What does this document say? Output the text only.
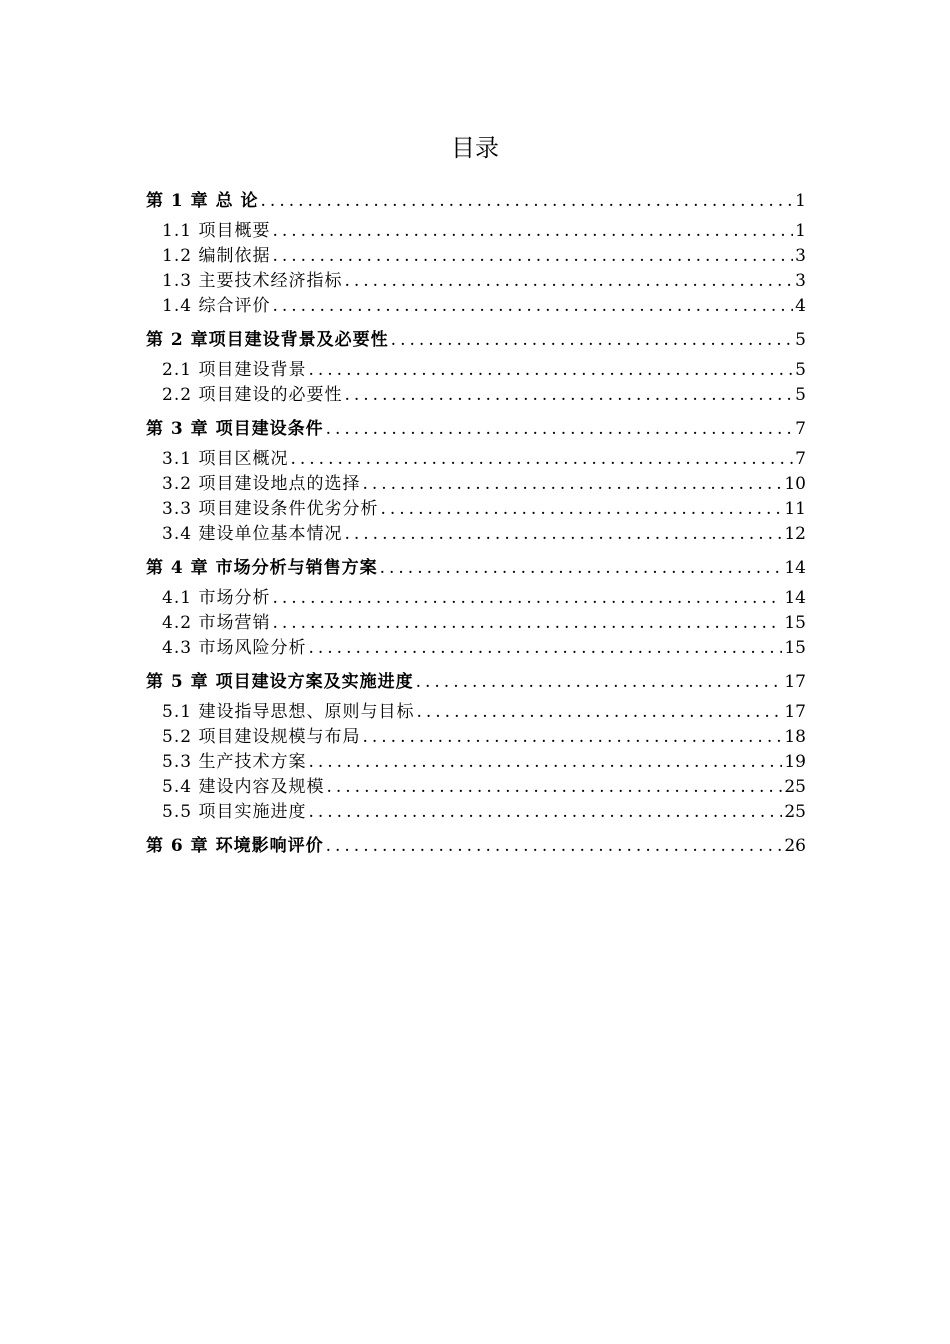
目录
第 1 章 总 论 .....	1
1.1 项目概要 .....	1
1.2 编制依据 .....	3
1.3 主要技术经济指标 .....	3
1.4 综合评价 .....	4
第 2 章项目建设背景及必要性 .....	5
2.1 项目建设背景 .....	5
2.2 项目建设的必要性 .....	5
第 3 章 项目建设条件 .....	7
3.1 项目区概况 .....	7
3.2 项目建设地点的选择 .....	10
3.3 项目建设条件优劣分析 .....	11
3.4 建设单位基本情况 .....	12
第 4 章 市场分析与销售方案 .....	14
4.1 市场分析 .....	14
4.2 市场营销 .....	15
4.3 市场风险分析 .....	15
第 5 章 项目建设方案及实施进度 .....	17
5.1 建设指导思想、原则与目标 .....	17
5.2 项目建设规模与布局 .....	18
5.3 生产技术方案 .....	19
5.4 建设内容及规模 .....	25
5.5 项目实施进度 .....	25
第 6 章 环境影响评价 .....	26
